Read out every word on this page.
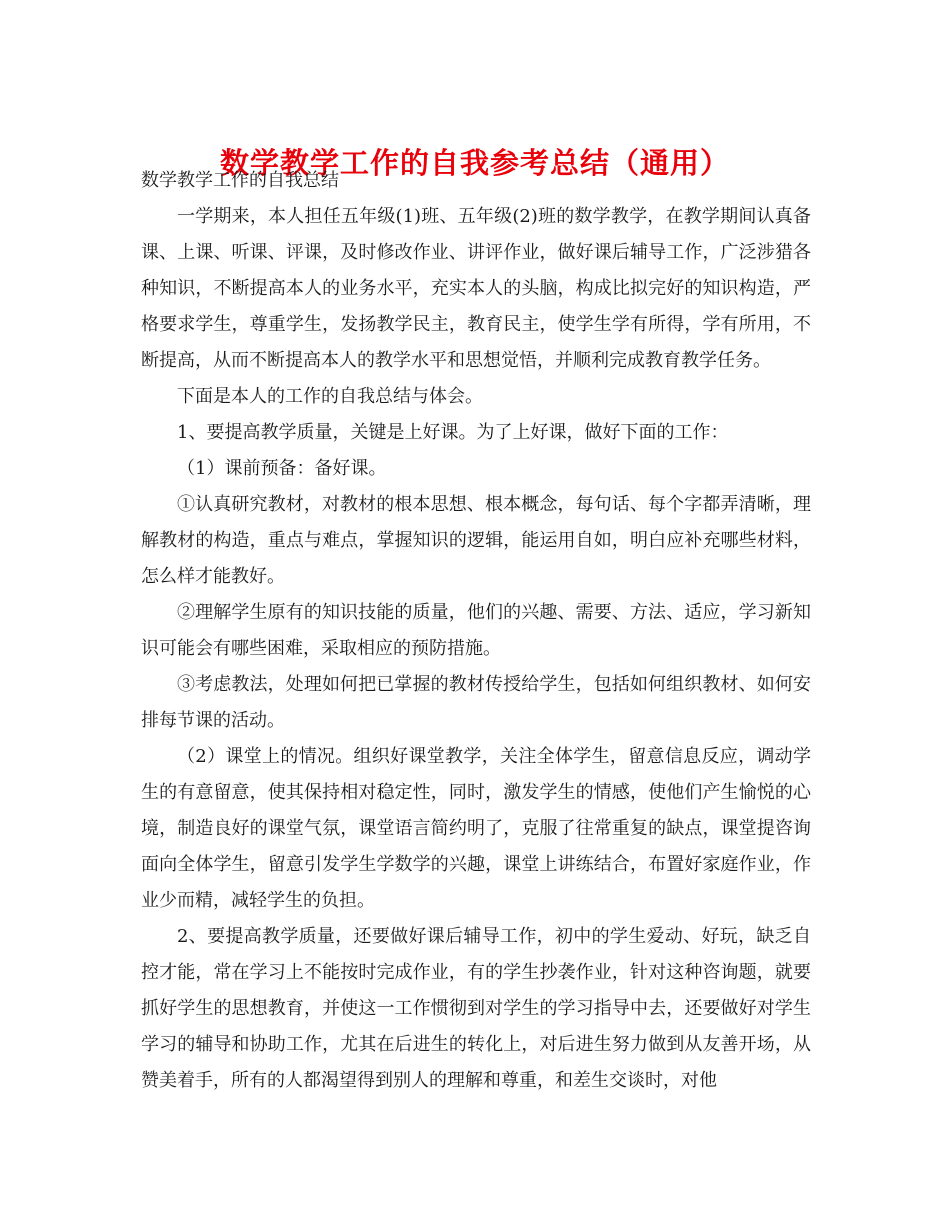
数学教学工作的自我参考总结（通用）

数学教学工作的自我总结

一学期来，本人担任五年级(1)班、五年级(2)班的数学教学，在教学期间认真备课、上课、听课、评课，及时修改作业、讲评作业，做好课后辅导工作，广泛涉猎各种知识，不断提高本人的业务水平，充实本人的头脑，构成比拟完好的知识构造，严格要求学生，尊重学生，发扬教学民主，教育民主，使学生学有所得，学有所用，不断提高，从而不断提高本人的教学水平和思想觉悟，并顺利完成教育教学任务。

下面是本人的工作的自我总结与体会。

1、要提高教学质量，关键是上好课。为了上好课，做好下面的工作：

（1）课前预备：备好课。

①认真研究教材，对教材的根本思想、根本概念，每句话、每个字都弄清晰，理解教材的构造，重点与难点，掌握知识的逻辑，能运用自如，明白应补充哪些材料，怎么样才能教好。

②理解学生原有的知识技能的质量，他们的兴趣、需要、方法、适应，学习新知识可能会有哪些困难，采取相应的预防措施。

③考虑教法，处理如何把已掌握的教材传授给学生，包括如何组织教材、如何安排每节课的活动。

（2）课堂上的情况。组织好课堂教学，关注全体学生，留意信息反应，调动学生的有意留意，使其保持相对稳定性，同时，激发学生的情感，使他们产生愉悦的心境，制造良好的课堂气氛，课堂语言简约明了，克服了往常重复的缺点，课堂提咨询面向全体学生，留意引发学生学数学的兴趣，课堂上讲练结合，布置好家庭作业，作业少而精，减轻学生的负担。

2、要提高教学质量，还要做好课后辅导工作，初中的学生爱动、好玩，缺乏自控才能，常在学习上不能按时完成作业，有的学生抄袭作业，针对这种咨询题，就要抓好学生的思想教育，并使这一工作惯彻到对学生的学习指导中去，还要做好对学生学习的辅导和协助工作，尤其在后进生的转化上，对后进生努力做到从友善开场，从赞美着手，所有的人都渴望得到别人的理解和尊重，和差生交谈时，对他
